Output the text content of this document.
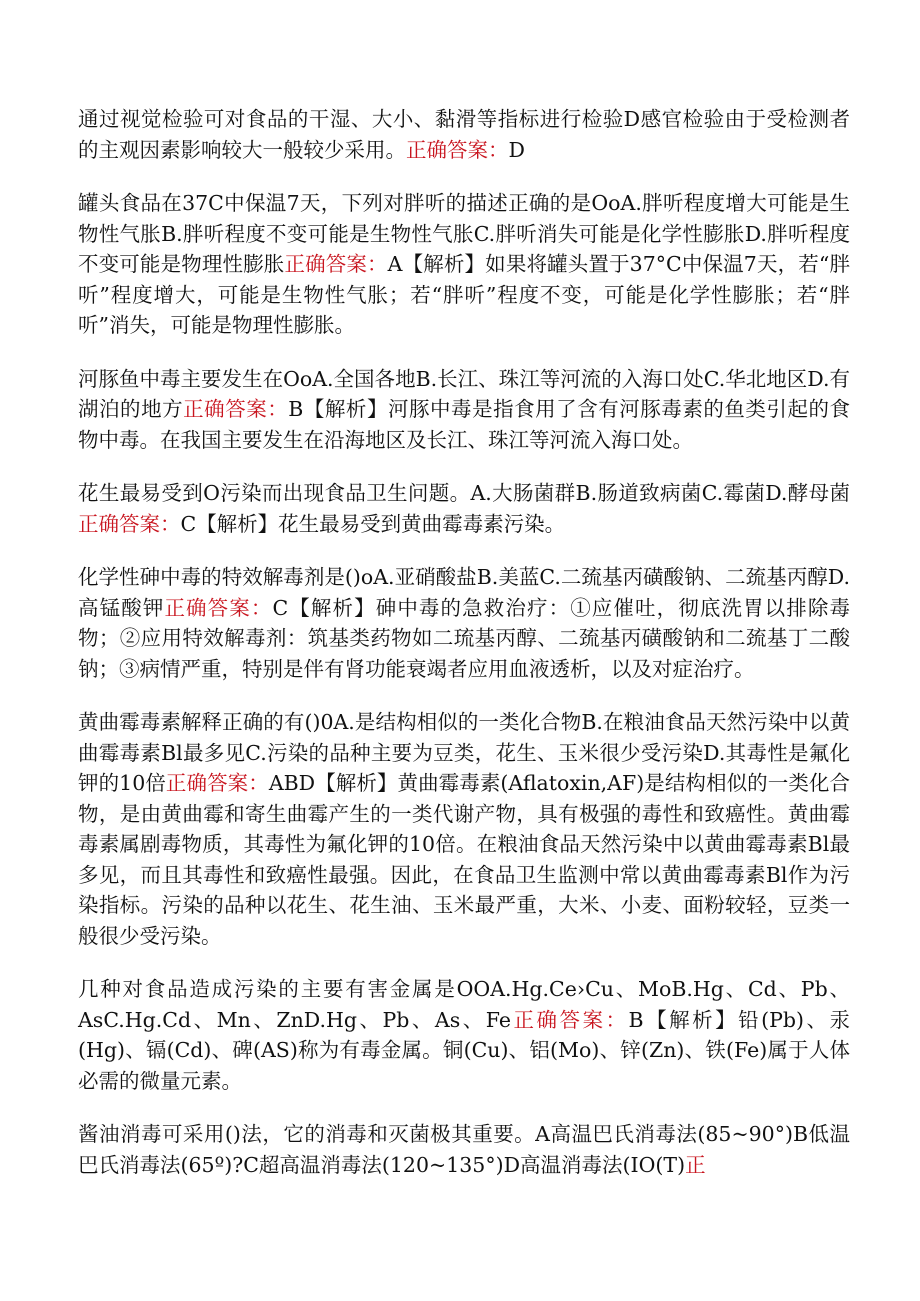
通过视觉检验可对食品的干湿、大小、黏滑等指标进行检验D感官检验由于受检测者的主观因素影响较大一般较少采用。正确答案：D

罐头食品在37C中保温7天，下列对胖听的描述正确的是OoA.胖听程度增大可能是生物性气胀B.胖听程度不变可能是生物性气胀C.胖听消失可能是化学性膨胀D.胖听程度不变可能是物理性膨胀正确答案：A【解析】如果将罐头置于37°C中保温7天，若“胖听”程度增大，可能是生物性气胀；若“胖听”程度不变，可能是化学性膨胀；若“胖听”消失，可能是物理性膨胀。

河豚鱼中毒主要发生在OoA.全国各地B.长江、珠江等河流的入海口处C.华北地区D.有湖泊的地方正确答案：B【解析】河豚中毒是指食用了含有河豚毒素的鱼类引起的食物中毒。在我国主要发生在沿海地区及长江、珠江等河流入海口处。

花生最易受到O污染而出现食品卫生问题。A.大肠菌群B.肠道致病菌C.霉菌D.酵母菌正确答案：C【解析】花生最易受到黄曲霉毒素污染。

化学性砷中毒的特效解毒剂是()oA.亚硝酸盐B.美蓝C.二巯基丙磺酸钠、二巯基丙醇D.高锰酸钾正确答案：C【解析】砷中毒的急救治疗：①应催吐，彻底洗胃以排除毒物；②应用特效解毒剂：筑基类药物如二琉基丙醇、二巯基丙磺酸钠和二巯基丁二酸钠；③病情严重，特别是伴有肾功能衰竭者应用血液透析，以及对症治疗。

黄曲霉毒素解释正确的有()0A.是结构相似的一类化合物B.在粮油食品天然污染中以黄曲霉毒素Bl最多见C.污染的品种主要为豆类，花生、玉米很少受污染D.其毒性是氟化钾的10倍正确答案：ABD【解析】黄曲霉毒素(Aflatoxin,AF)是结构相似的一类化合物，是由黄曲霉和寄生曲霉产生的一类代谢产物，具有极强的毒性和致癌性。黄曲霉毒素属剧毒物质，其毒性为氟化钾的10倍。在粮油食品天然污染中以黄曲霉毒素Bl最多见，而且其毒性和致癌性最强。因此，在食品卫生监测中常以黄曲霉毒素Bl作为污染指标。污染的品种以花生、花生油、玉米最严重，大米、小麦、面粉较轻，豆类一般很少受污染。

几种对食品造成污染的主要有害金属是OOA.Hg.Ce›Cu、MoB.Hg、Cd、Pb、AsC.Hg.Cd、Mn、ZnD.Hg、Pb、As、Fe正确答案：B【解析】铅(Pb)、汞(Hg)、镉(Cd)、碑(AS)称为有毒金属。铜(Cu)、铝(Mo)、锌(Zn)、铁(Fe)属于人体必需的微量元素。

酱油消毒可采用()法，它的消毒和灭菌极其重要。A高温巴氏消毒法(85~90°)B低温巴氏消毒法(65º)?C超高温消毒法(120~135°)D高温消毒法(IO(T)正
